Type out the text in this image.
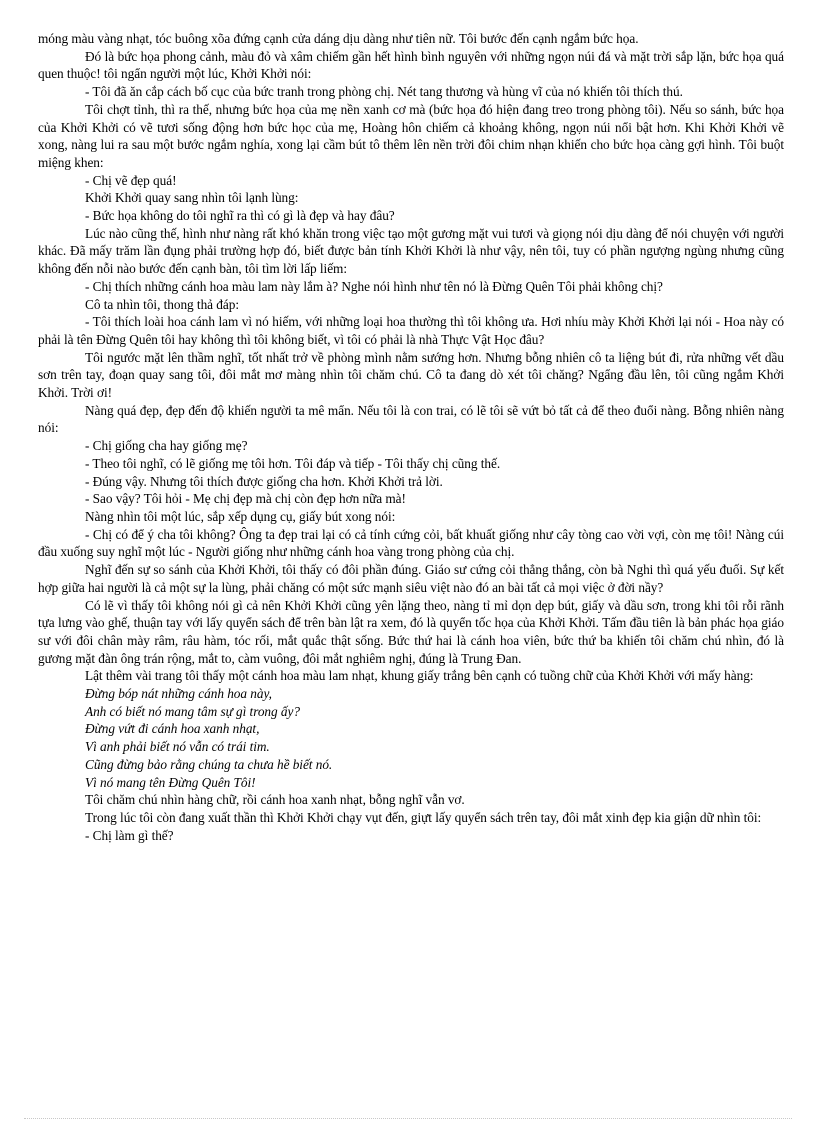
móng màu vàng nhạt, tóc buông xõa đứng cạnh cửa dáng dịu dàng như tiên nữ. Tôi bước đến cạnh ngắm bức họa.

Đó là bức họa phong cảnh, màu đỏ và xâm chiếm gần hết hình bình nguyên với những ngọn núi đá và mặt trời sắp lặn, bức họa quá quen thuộc! tôi ngẩn người một lúc, Khởi Khởi nói:

- Tôi đã ăn cắp cách bố cục của bức tranh trong phòng chị. Nét tang thương và hùng vĩ của nó khiến tôi thích thú.

Tôi chợt tỉnh, thì ra thế, nhưng bức họa của mẹ nền xanh cơ mà (bức họa đó hiện đang treo trong phòng tôi). Nếu so sánh, bức họa của Khởi Khởi có vẽ tươi sống động hơn bức học của mẹ, Hoàng hôn chiếm cả khoảng không, ngọn núi nổi bật hơn. Khi Khởi Khởi vẽ xong, nàng lui ra sau một bước ngắm nghía, xong lại cầm bút tô thêm lên nền trời đôi chim nhạn khiến cho bức họa càng gợi hình. Tôi buột miệng khen:

- Chị vẽ đẹp quá!

Khởi Khởi quay sang nhìn tôi lạnh lùng:

- Bức họa không do tôi nghĩ ra thì có gì là đẹp và hay đâu?

Lúc nào cũng thế, hình như nàng rất khó khăn trong việc tạo một gương mặt vui tươi và giọng nói dịu dàng để nói chuyện với người khác. Đã mấy trăm lần đụng phải trường hợp đó, biết được bản tính Khởi Khởi là như vậy, nên tôi, tuy có phần ngượng ngùng nhưng cũng không đến nỗi nào bước đến cạnh bàn, tôi tìm lời lấp liếm:

- Chị thích những cánh hoa màu lam này lắm à? Nghe nói hình như tên nó là Đừng Quên Tôi phải không chị?

Cô ta nhìn tôi, thong thả đáp:

- Tôi thích loài hoa cánh lam vì nó hiếm, với những loại hoa thường thì tôi không ưa. Hơi nhíu mày Khởi Khởi lại nói - Hoa này có phải là tên Đừng Quên tôi hay không thì tôi không biết, vì tôi có phải là nhà Thực Vật Học đâu?

Tôi ngước mặt lên thầm nghĩ, tốt nhất trở về phòng mình nằm sướng hơn. Nhưng bỗng nhiên cô ta liệng bút đi, rửa những vết dầu sơn trên tay, đoạn quay sang tôi, đôi mắt mơ màng nhìn tôi chăm chú. Cô ta đang dò xét tôi chăng? Ngẩng đầu lên, tôi cũng ngắm Khởi Khởi. Trời ơi!

Nàng quá đẹp, đẹp đến độ khiến người ta mê mẩn. Nếu tôi là con trai, có lẽ tôi sẽ vứt bỏ tất cả để theo đuổi nàng. Bỗng nhiên nàng nói:

- Chị giống cha hay giống mẹ?

- Theo tôi nghĩ, có lẽ giống mẹ tôi hơn. Tôi đáp và tiếp - Tôi thấy chị cũng thế.

- Đúng vậy. Nhưng tôi thích được giống cha hơn. Khởi Khởi trả lời.

- Sao vậy? Tôi hỏi - Mẹ chị đẹp mà chị còn đẹp hơn nữa mà!

Nàng nhìn tôi một lúc, sắp xếp dụng cụ, giấy bút xong nói:

- Chị có để ý cha tôi không? Ông ta đẹp trai lại có cả tính cứng cỏi, bất khuất giống như cây tòng cao vời vợi, còn mẹ tôi! Nàng cúi đầu xuống suy nghĩ một lúc - Người giống như những cánh hoa vàng trong phòng của chị.

Nghĩ đến sự so sánh của Khởi Khởi, tôi thấy có đôi phần đúng. Giáo sư cứng cỏi thẳng thắng, còn bà Nghi thì quá yếu đuối. Sự kết hợp giữa hai người là cả một sự la lùng, phải chăng có một sức mạnh siêu việt nào đó an bài tất cả mọi việc ở đời nầy?

Có lẽ vì thấy tôi không nói gì cả nên Khởi Khởi cũng yên lặng theo, nàng tỉ mỉ dọn dẹp bút, giấy và dầu sơn, trong khi tôi rỗi rãnh tựa lưng vào ghế, thuận tay với lấy quyển sách để trên bàn lật ra xem, đó là quyển tốc họa của Khởi Khởi. Tấm đầu tiên là bản phác họa giáo sư với đôi chân mày râm, râu hàm, tóc rối, mắt quắc thật sống. Bức thứ hai là cánh hoa viên, bức thứ ba khiến tôi chăm chú nhìn, đó là gương mặt đàn ông trán rộng, mắt to, càm vuông, đôi mắt nghiêm nghị, đúng là Trung Đan.

Lật thêm vài trang tôi thấy một cánh hoa màu lam nhạt, khung giấy trắng bên cạnh có tuồng chữ của Khởi Khởi với mấy hàng:

Đừng bóp nát những cánh hoa này,

Anh có biết nó mang tâm sự gì trong ấy?

Đừng vứt đi cánh hoa xanh nhạt,

Vì anh phải biết nó vẫn có trái tim.

Cũng đừng bảo rằng chúng ta chưa hề biết nó.

Vì nó mang tên Đừng Quên Tôi!

Tôi chăm chú nhìn hàng chữ, rồi cánh hoa xanh nhạt, bỗng nghĩ vẫn vơ.

Trong lúc tôi còn đang xuất thần thì Khởi Khởi chạy vụt đến, giựt lấy quyển sách trên tay, đôi mắt xinh đẹp kia giận dữ nhìn tôi:

- Chị làm gì thế?
